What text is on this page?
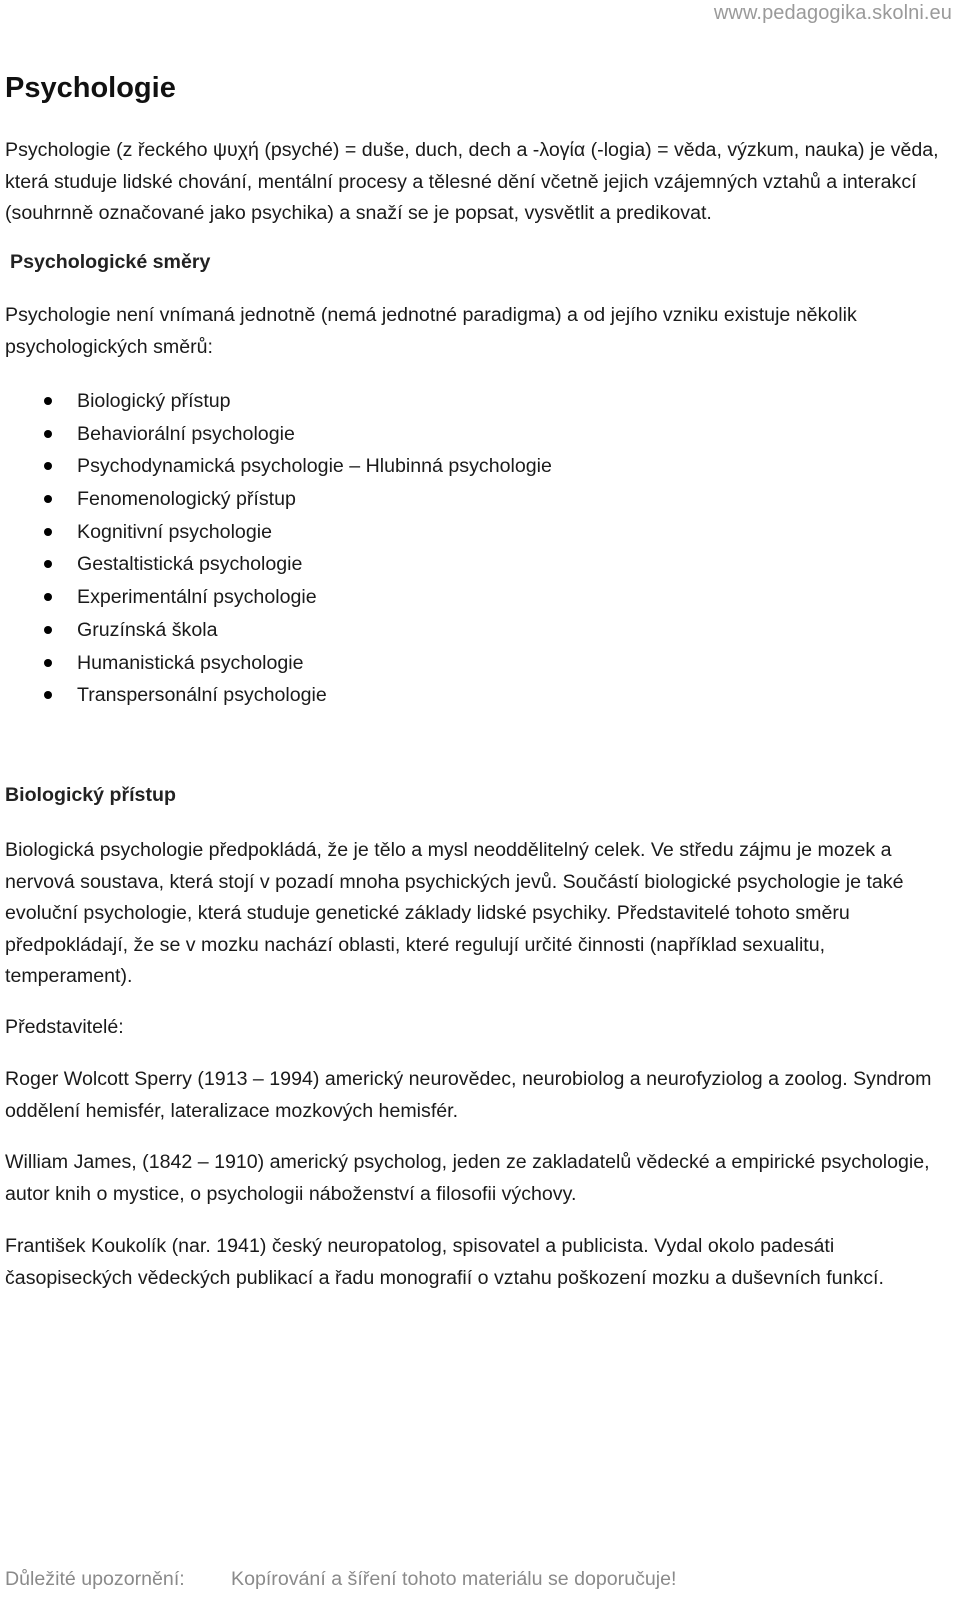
www.pedagogika.skolni.eu
Psychologie

Psychologie (z řeckého ψυχή (psyché) = duše, duch, dech a -λογία (-logia) = věda, výzkum, nauka) je věda, která studuje lidské chování, mentální procesy a tělesné dění včetně jejich vzájemných vztahů a interakcí (souhrnně označované jako psychika) a snaží se je popsat, vysvětlit a predikovat.

Psychologické směry

Psychologie není vnímaná jednotně (nemá jednotné paradigma) a od jejího vzniku existuje několik psychologických směrů:

Biologický přístup
Behaviorální psychologie
Psychodynamická psychologie – Hlubinná psychologie
Fenomenologický přístup
Kognitivní psychologie
Gestaltistická psychologie
Experimentální psychologie
Gruzínská škola
Humanistická psychologie
Transpersonální psychologie
Biologický přístup

Biologická psychologie předpokládá, že je tělo a mysl neoddělitelný celek. Ve středu zájmu je mozek a nervová soustava, která stojí v pozadí mnoha psychických jevů. Součástí biologické psychologie je také evoluční psychologie, která studuje genetické základy lidské psychiky. Představitelé tohoto směru předpokládají, že se v mozku nachází oblasti, které regulují určité činnosti (například sexualitu, temperament).

Představitelé:

Roger Wolcott Sperry (1913 – 1994) americký neurovědec, neurobiolog a neurofyziolog a zoolog. Syndrom oddělení hemisfér, lateralizace mozkových hemisfér.

William James, (1842 – 1910) americký psycholog, jeden ze zakladatelů vědecké a empirické psychologie, autor knih o mystice, o psychologii náboženství a filosofii výchovy.

František Koukolík (nar. 1941) český neuropatolog, spisovatel a publicista. Vydal okolo padesáti časopiseckých vědeckých publikací a řadu monografií o vztahu poškození mozku a duševních funkcí.

Důležité upozornění: Kopírování a šíření tohoto materiálu se doporučuje!
